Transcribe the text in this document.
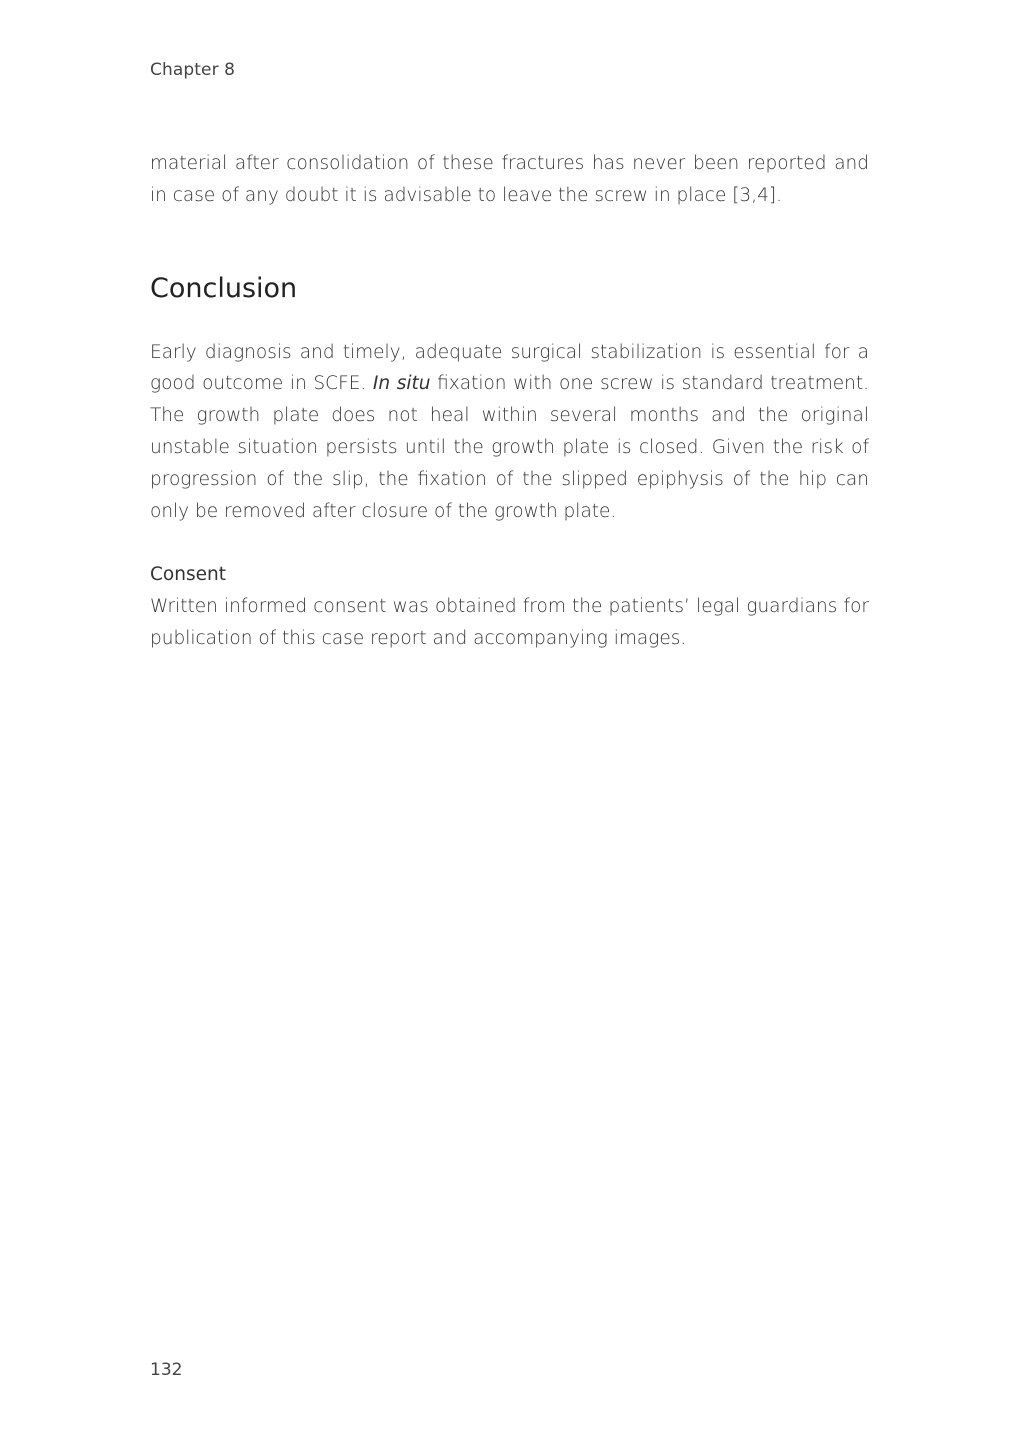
Chapter 8

material after consolidation of these fractures has never been reported and in case of any doubt it is advisable to leave the screw in place [3,4].

Conclusion

Early diagnosis and timely, adequate surgical stabilization is essential for a good outcome in SCFE. In situ fixation with one screw is standard treatment. The growth plate does not heal within several months and the original unstable situation persists until the growth plate is closed. Given the risk of progression of the slip, the fixation of the slipped epiphysis of the hip can only be removed after closure of the growth plate.

Consent

Written informed consent was obtained from the patients’ legal guardians for publication of this case report and accompanying images.

132
